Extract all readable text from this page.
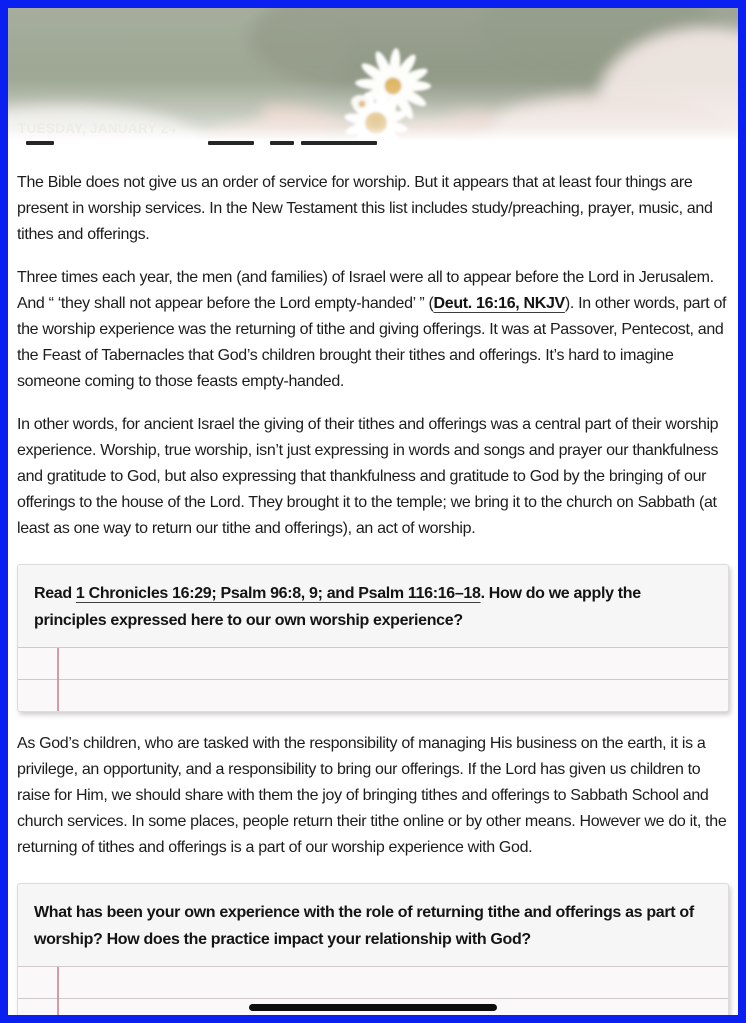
TUESDAY, JANUARY 24

The Bible does not give us an order of service for worship. But it appears that at least four things are present in worship services. In the New Testament this list includes study/preaching, prayer, music, and tithes and offerings.

Three times each year, the men (and families) of Israel were all to appear before the Lord in Jerusalem. And “ ‘they shall not appear before the Lord empty-handed’ ” (Deut. 16:16, NKJV). In other words, part of the worship experience was the returning of tithe and giving offerings. It was at Passover, Pentecost, and the Feast of Tabernacles that God’s children brought their tithes and offerings. It’s hard to imagine someone coming to those feasts empty-handed.

In other words, for ancient Israel the giving of their tithes and offerings was a central part of their worship experience. Worship, true worship, isn’t just expressing in words and songs and prayer our thankfulness and gratitude to God, but also expressing that thankfulness and gratitude to God by the bringing of our offerings to the house of the Lord. They brought it to the temple; we bring it to the church on Sabbath (at least as one way to return our tithe and offerings), an act of worship.

Read 1 Chronicles 16:29; Psalm 96:8, 9; and Psalm 116:16–18. How do we apply the principles expressed here to our own worship experience?

As God’s children, who are tasked with the responsibility of managing His business on the earth, it is a privilege, an opportunity, and a responsibility to bring our offerings. If the Lord has given us children to raise for Him, we should share with them the joy of bringing tithes and offerings to Sabbath School and church services. In some places, people return their tithe online or by other means. However we do it, the returning of tithes and offerings is a part of our worship experience with God.

What has been your own experience with the role of returning tithe and offerings as part of worship? How does the practice impact your relationship with God?
